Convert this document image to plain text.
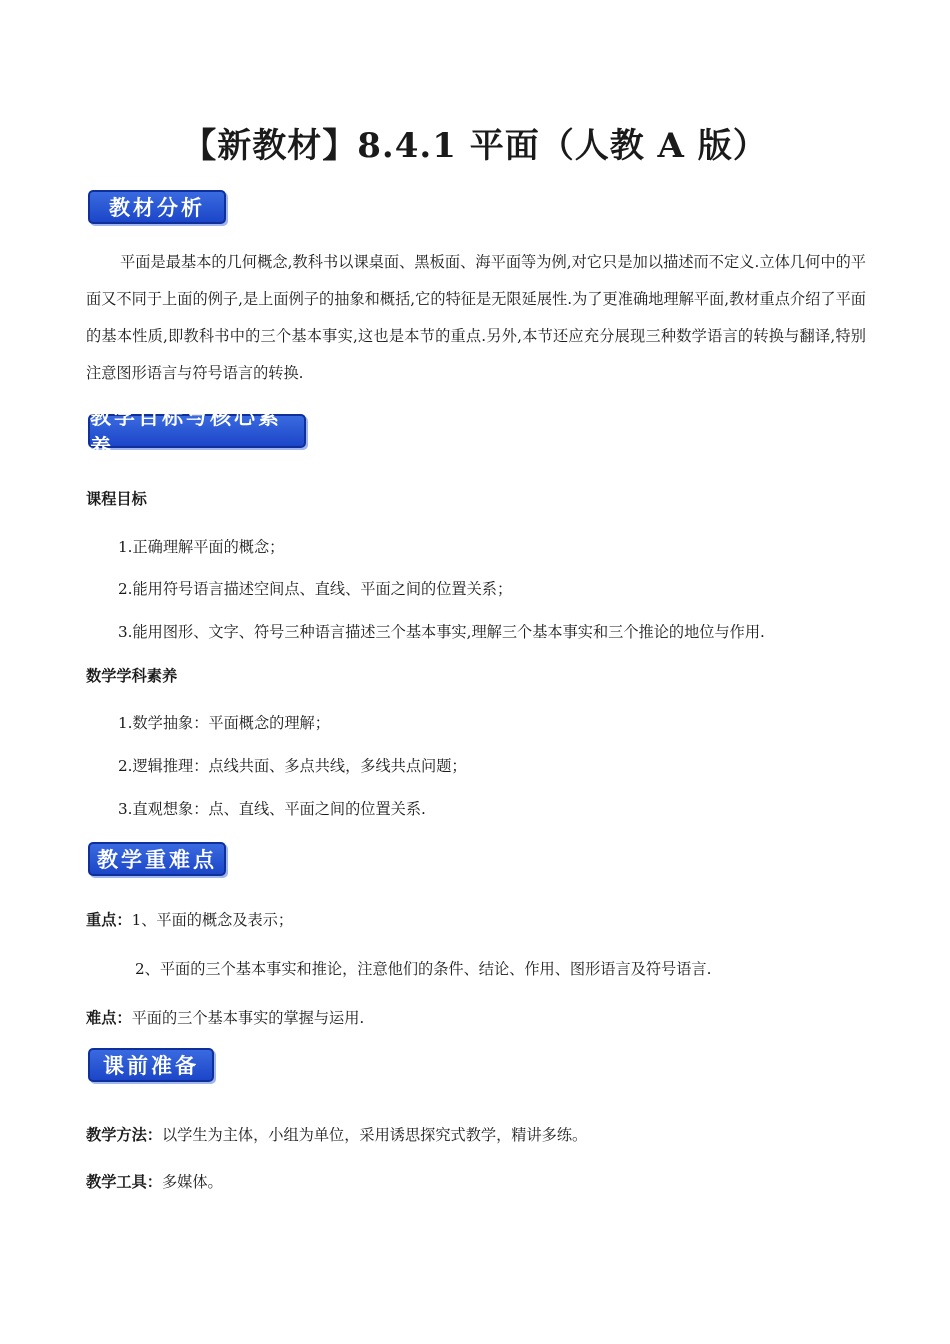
【新教材】8.4.1 平面（人教 A 版）
教材分析

平面是最基本的几何概念,教科书以课桌面、黑板面、海平面等为例,对它只是加以描述而不定义.立体几何中的平面又不同于上面的例子,是上面例子的抽象和概括,它的特征是无限延展性.为了更准确地理解平面,教材重点介绍了平面的基本性质,即教科书中的三个基本事实,这也是本节的重点.另外,本节还应充分展现三种数学语言的转换与翻译,特别注意图形语言与符号语言的转换.

教学目标与核心素养
课程目标
1.正确理解平面的概念；
2.能用符号语言描述空间点、直线、平面之间的位置关系；
3.能用图形、文字、符号三种语言描述三个基本事实,理解三个基本事实和三个推论的地位与作用.
数学学科素养
1.数学抽象：平面概念的理解；
2.逻辑推理：点线共面、多点共线，多线共点问题；
3.直观想象：点、直线、平面之间的位置关系.
教学重难点
重点：1、平面的概念及表示；
2、平面的三个基本事实和推论，注意他们的条件、结论、作用、图形语言及符号语言.
难点：平面的三个基本事实的掌握与运用.
课前准备
教学方法：以学生为主体，小组为单位，采用诱思探究式教学，精讲多练。
教学工具：多媒体。
